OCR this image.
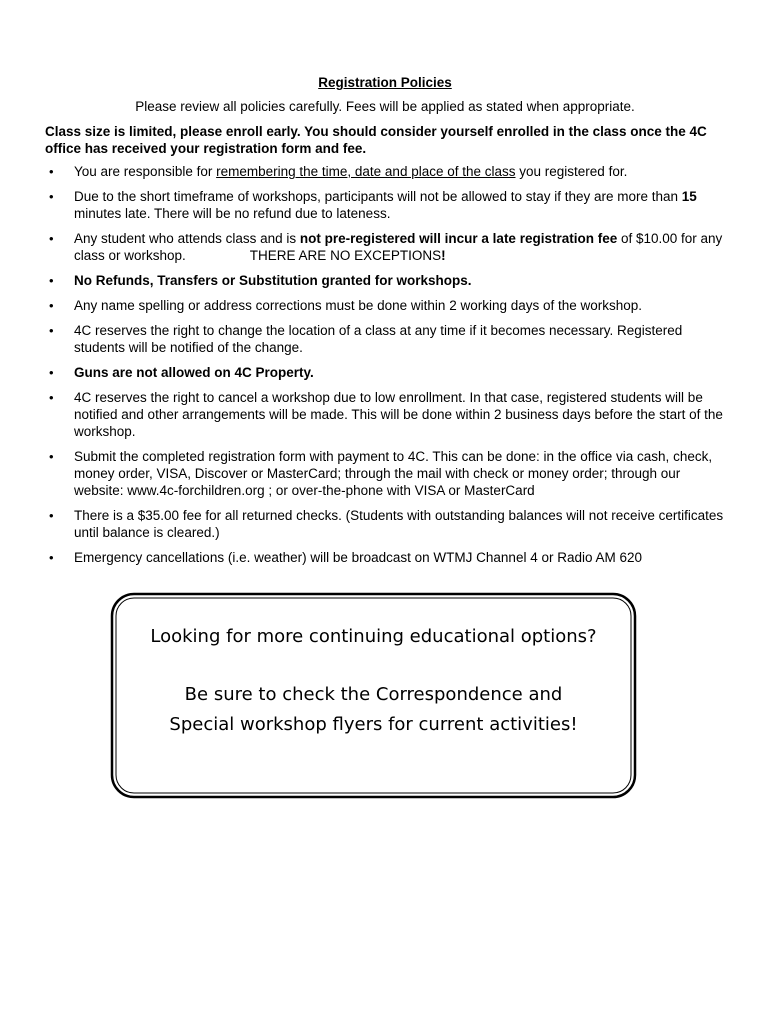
Registration Policies
Please review all policies carefully. Fees will be applied as stated when appropriate.
Class size is limited, please enroll early. You should consider yourself enrolled in the class once the 4C office has received your registration form and fee.
• You are responsible for remembering the time, date and place of the class you registered for.
• Due to the short timeframe of workshops, participants will not be allowed to stay if they are more than 15 minutes late. There will be no refund due to lateness.
• Any student who attends class and is not pre-registered will incur a late registration fee of $10.00 for any class or workshop.	THERE ARE NO EXCEPTIONS!
• No Refunds, Transfers or Substitution granted for workshops.
• Any name spelling or address corrections must be done within 2 working days of the workshop.
• 4C reserves the right to change the location of a class at any time if it becomes necessary. Registered students will be notified of the change.
• Guns are not allowed on 4C Property.
• 4C reserves the right to cancel a workshop due to low enrollment. In that case, registered students will be notified and other arrangements will be made. This will be done within 2 business days before the start of the workshop.
• Submit the completed registration form with payment to 4C. This can be done: in the office via cash, check, money order, VISA, Discover or MasterCard; through the mail with check or money order; through our website: www.4c-forchildren.org ; or over-the-phone with VISA or MasterCard
• There is a $35.00 fee for all returned checks. (Students with outstanding balances will not receive certificates until balance is cleared.)
• Emergency cancellations (i.e. weather) will be broadcast on WTMJ Channel 4 or Radio AM 620
Looking for more continuing educational options?
Be sure to check the Correspondence and
Special workshop flyers for current activities!
